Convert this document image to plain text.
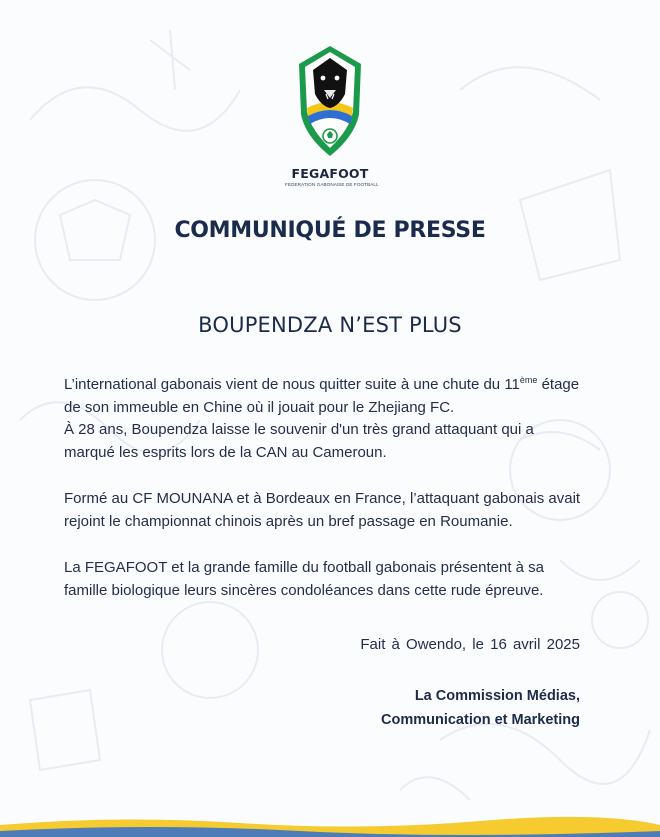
FEGAFOOT
FEDERATION GABONAISE DE FOOTBALL
COMMUNIQUÉ DE PRESSE
BOUPENDZA N’EST PLUS

L’international gabonais vient de nous quitter suite à une chute du 11ème étage de son immeuble en Chine où il jouait pour le Zhejiang FC.
À 28 ans, Boupendza laisse le souvenir d'un très grand attaquant qui a marqué les esprits lors de la CAN au Cameroun.

Formé au CF MOUNANA et à Bordeaux en France, l’attaquant gabonais avait rejoint le championnat chinois après un bref passage en Roumanie.

La FEGAFOOT et la grande famille du football gabonais présentent à sa famille biologique leurs sincères condoléances dans cette rude épreuve.

Fait à Owendo, le 16 avril 2025
La Commission Médias,
Communication et Marketing
